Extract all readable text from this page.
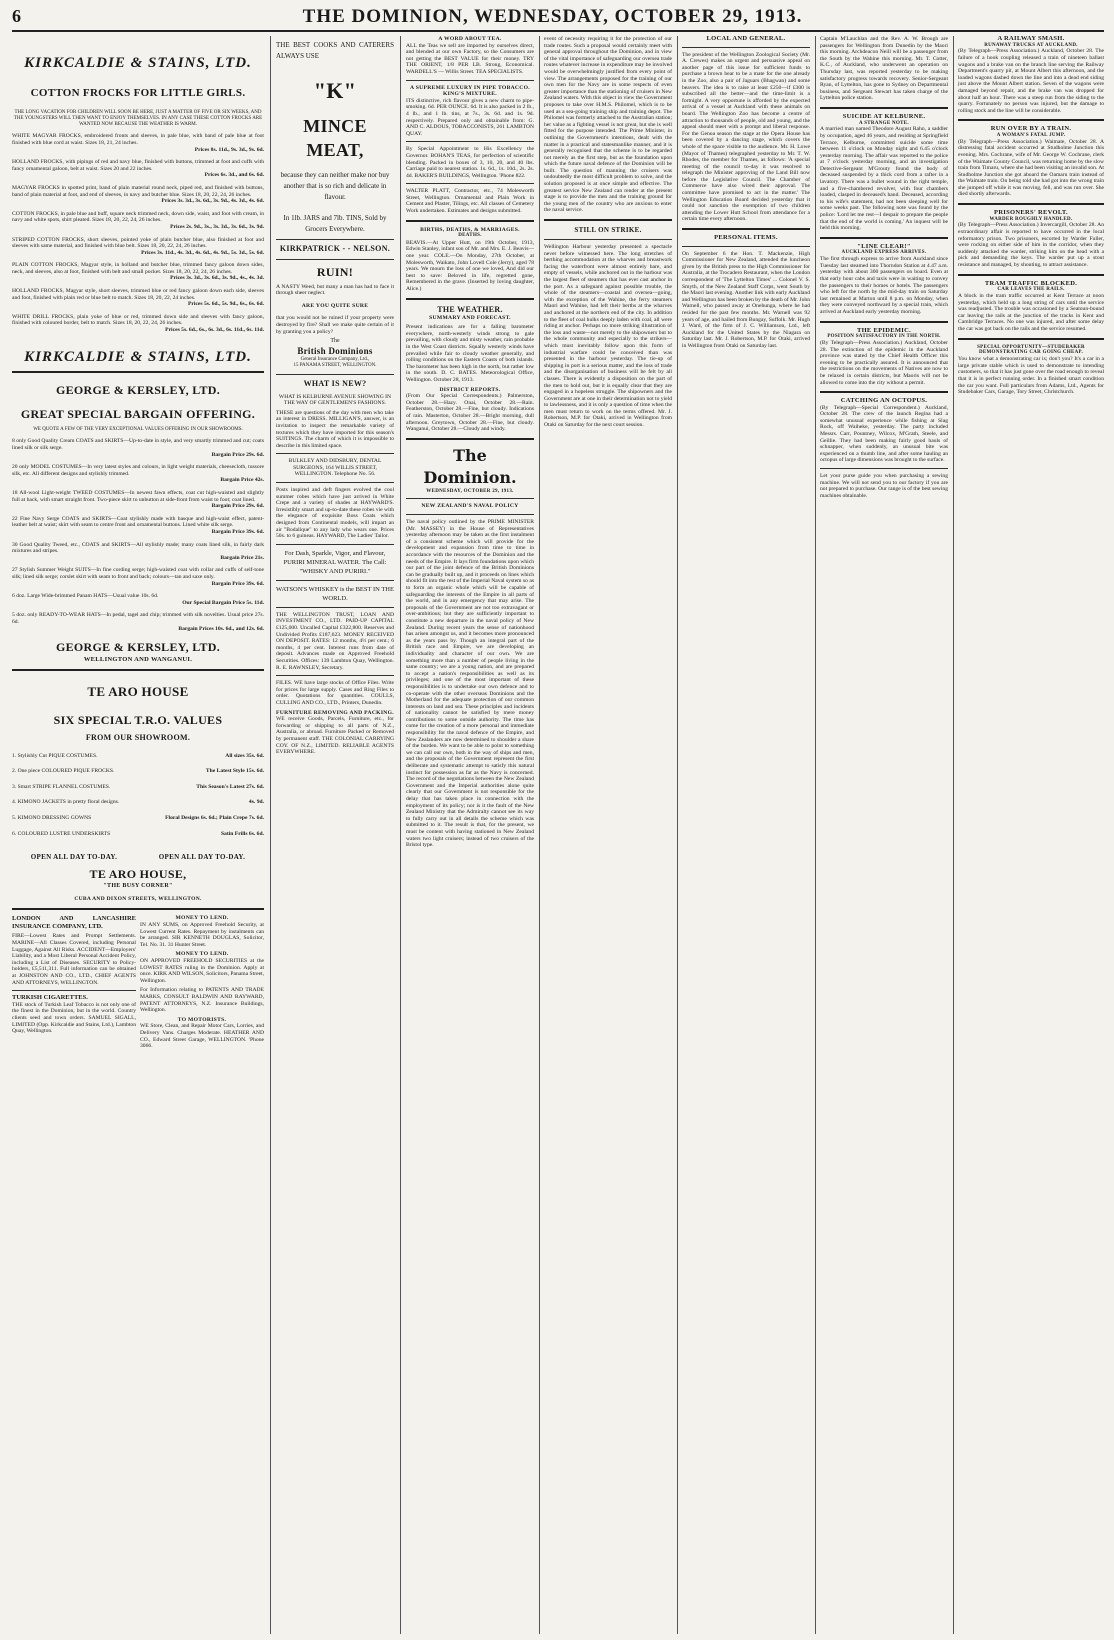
6	THE DOMINION, WEDNESDAY, OCTOBER 29, 1913.
KIRKCALDIE & STAINS, LTD.
COTTON FROCKS FOR LITTLE GIRLS.

THE LONG VACATION FOR CHILDREN WILL SOON BE HERE, JUST A MATTER OF FIVE OR SIX WEEKS, AND THE YOUNGSTERS WILL THEN WANT TO ENJOY THEMSELVES. IN ANY CASE THESE COTTON FROCKS ARE WANTED NOW BECAUSE THE WEATHER IS WARM.

WHITE MAGYAR FROCKS, embroidered fronts and sleeves, in pale blue, with band of pale blue at foot finished with blue cord at waist. Sizes 18, 21, 24 inches.
Prices 8s. 11d., 9s. 3d., 9s. 6d.
HOLLAND FROCKS, with pipings of red and navy blue, finished with buttons, trimmed at foot and cuffs with fancy ornamental galoon, belt at waist. Sizes 20 and 22 inches.
Prices 6s. 3d., and 6s. 6d.
MAGYAR FROCKS in spotted print, band of plain material round neck, piped red, and finished with buttons, band of plain material at foot, and end of sleeves, in navy and butcher blue. Sizes 18, 20, 22, 24, 26 inches.
Prices 3s. 3d., 3s. 6d., 3s. 9d., 4s. 3d., 4s. 6d.
COTTON FROCKS, in pale blue and buff, square neck trimmed neck, down side, waist, and foot with cream, in navy and white spots, shirt pleated. Sizes 18, 20, 22, 24, 26 inches.
Prices 2s. 9d., 3s., 3s. 3d., 3s. 6d., 3s. 9d.
STRIPED COTTON FROCKS, short sleeves, pointed yoke of plain butcher blue, also finished at foot and sleeves with same material, and finished with blue belt. Sizes 18, 20, 22, 24, 26 inches.
Prices 3s. 11d., 4s. 3d., 4s. 6d., 4s. 9d., 5s. 3d., 5s. 6d.
PLAIN COTTON FROCKS, Magyar style, in holland and butcher blue, trimmed fancy galoon down sides, neck, and sleeves, also at foot, finished with belt and small pocket. Sizes 18, 20, 22, 24, 26 inches.
Prices 3s. 3d., 3s. 6d., 3s. 9d., 4s., 4s. 3d.
HOLLAND FROCKS, Magyar style, short sleeves, trimmed blue or red fancy galoon down each side, sleeves and foot, finished with plain red or blue belt to match. Sizes 18, 20, 22, 24 inches.
Prices 5s. 6d., 5s. 9d., 6s., 6s. 6d.
WHITE DRILL FROCKS, plain yoke of blue or red, trimmed down side and sleeves with fancy galoon, finished with coloured border, belt to match. Sizes 18, 20, 22, 24, 26 inches.
Prices 5s. 6d., 6s., 6s. 3d., 6s. 11d., 6s. 11d.
KIRKCALDIE & STAINS, LTD.
GEORGE & KERSLEY, LTD.
GREAT SPECIAL BARGAIN OFFERING.

WE QUOTE A FEW OF THE VERY EXCEPTIONAL VALUES OFFERING IN OUR SHOWROOMS.

8 only Good Quality Cream COATS and SKIRTS—Up-to-date in style, and very smartly trimmed and cut; coats lined silk or silk serge.
Bargain Price 29s. 6d.
20 only MODEL COSTUMES—In very latest styles and colours, in light weight materials, cheesecloth, tussore silk, etc. All different designs and stylishly trimmed.
Bargain Price 42s.
18 All-wool Light-weight TWEED COSTUMES—In newest fawn effects, coat cut high-waisted and slightly full at back, with smart straight front. Two-piece skirt to unbutton at side-front from waist to foot; coat lined.
Bargain Price 29s. 6d.
22 Fine Navy Serge COATS and SKIRTS—Coat stylishly made with basque and high-waist effect, patent-leather belt at waist; skirt with seam to centre front and ornamental buttons. Lined white silk serge.
Bargain Price 39s. 6d.
30 Good Quality Tweed, etc., COATS and SKIRTS—All stylishly made; many coats lined silk, in fairly dark mixtures and stripes.
Bargain Price 21s.
27 Stylish Summer Weight SUITS—In fine cording serge; high-waisted coat with collar and cuffs of self-tone silk; lined silk serge; corslet skirt with seam to front and back; colours—tan and saxe only.
Bargain Price 39s. 6d.
6 doz. Large Wide-brimmed Panam HATS—Usual value 10s. 6d.
Our Special Bargain Price 5s. 11d.
5 doz. only READY-TO-WEAR HATS—In pedal, tagel and chip; trimmed with silk novelties. Usual price 27s. 6d.
Bargain Prices 10s. 6d., and 12s. 6d.
GEORGE & KERSLEY, LTD.
WELLINGTON AND WANGANUI.
TE ARO HOUSE
SIX SPECIAL T.R.O. VALUES
FROM OUR SHOWROOM.
1. Stylishly Cut PIQUE COSTUMES.	All sizes 35s. 6d.
2. One piece COLOURED PIQUE FROCKS.	The Latest Style 15s. 6d.
3. Smart STRIPE FLANNEL COSTUMES.	This Season's Latest 27s. 6d.
4. KIMONO JACKETS in pretty floral designs.	4s. 9d.
5. KIMONO DRESSING GOWNS	Floral Designs 6s. 6d.; Plain Crepe 7s. 6d.
6. COLOURED LUSTRE UNDERSKIRTS	Satin Frills 6s. 6d.
OPEN ALL DAY TO-DAY.	OPEN ALL DAY TO-DAY.
TE ARO HOUSE,
"THE BUSY CORNER"
CUBA AND DIXON STREETS, WELLINGTON.
LONDON AND LANCASHIRE INSURANCE COMPANY, LTD.

FIRE—Lowest Rates and Prompt Settlements. MARINE—All Classes Covered, including Personal Luggage, Against All Risks. ACCIDENT—Employers' Liability, and a Most Liberal Personal Accident Policy, including a List of Diseases. SECURITY to Policy-holders, £5,511,311. Full information can be obtained at JOHNSTON AND CO., LTD., CHIEF AGENTS AND ATTORNEYS, WELLINGTON.

TURKISH CIGARETTES.

THE stock of Turkish Leaf Tobacco is not only one of the finest in the Dominion, but in the world. Country clients seed and town orders. SAMUEL SIGALL, LIMITED (Opp. Kirkcaldie and Stains, Ltd.), Lambton Quay, Wellington.

MONEY TO LEND.

IN ANY SUMS, on Approved Freehold Security, at Lowest Current Rates. Repayment by instalments can be arranged. SIR KENNETH DOUGLAS, Solicitor, Tel. No. 31. 31 Hunter Street.

MONEY TO LEND.

ON APPROVED FREEHOLD SECURITIES at the LOWEST RATES ruling in the Dominion. Apply at once. KIRK AND WILSON, Solicitors, Panama Street, Wellington.

For Information relating to PATENTS AND TRADE MARKS, CONSULT BALDWIN AND RAYWARD, PATENT ATTORNEYS, N.Z. Insurance Buildings, Wellington.

TO MOTORISTS.

WE Store, Clean, and Repair Motor Cars, Lorries, and Delivery Vans. Charges Moderate. HEATHER AND CO., Edward Street Garage, WELLINGTON. 'Phone 3066.

THE BEST COOKS AND CATERERS ALWAYS USE
"K"
MINCE MEAT,
because they can neither make nor buy another that is so rich and delicate in flavour.
In 1lb. JARS and 7lb. TINS, Sold by Grocers Everywhere.
KIRKPATRICK - - NELSON.
RUIN!

A NASTY Weed, but many a man has had to face it through sheer neglect.

ARE YOU QUITE SURE

that you would not be ruined if your property were destroyed by fire? Shall we make quite certain of it by granting you a policy?

The
British Dominions
General Insurance Company, Ltd.,
15 PANAMA STREET, WELLINGTON.
WHAT IS NEW?

WHAT IS KELBURNE AVENUE SHOWING IN THE WAY OF GENTLEMEN'S FASHIONS.

THESE are questions of the day with men who take an interest in DRESS. MILLIGAN'S, answer, is an invitation to inspect the remarkable variety of textures which they have imported for this season's SUITINGS. The charm of which it is impossible to describe in this limited space.

BULKLEY AND DIDSBURY, DENTAL SURGEONS, 164 WILLIS STREET, WELLINGTON. Telephone No. 56.

Posts inspired and deft fingers evolved the cool summer robes which have just arrived in White Crepe and a variety of shades at HAYWARD'S. Irresistibly smart and up-to-date these robes vie with the elegance of exquisite Boss Coats which designed from Continental models, will impart an air "Bodalique" to any lady who wears one. Prices 50s. to 6 guineas. HAYWARD, The Ladies' Tailor.

For Dash, Sparkle, Vigor, and Flavour, PURIRI MINERAL WATER. The Call: "WHISKY AND PURIRI."

WATSON'S WHISKEY is the BEST IN THE WORLD.

THE WELLINGTON TRUST, LOAN AND INVESTMENT CO., LTD. PAID-UP CAPITAL £125,000. Uncalled Capital £322,800. Reserves and Undivided Profits £187,623. MONEY RECEIVED ON DEPOSIT. RATES: 12 months, 4½ per cent.; 6 months, 4 per cent. Interest runs from date of deposit. Advances made on Approved Freehold Securities. Offices: 139 Lambton Quay, Wellington. R. E. RAWNSLEY, Secretary.

FILES. WE have large stocks of Office Files. Write for prices for large supply. Cases and Ring Files to order. Quotations for quantities. COULLS, CULLING AND CO., LTD., Printers, Dunedin.

FURNITURE REMOVING AND PACKING.

WE receive Goods, Parcels, Furniture, etc., for forwarding or shipping to all parts of N.Z., Australia, or abroad. Furniture Packed or Removed by permanent staff. THE COLONIAL CARRYING COY. OF N.Z., LIMITED. RELIABLE AGENTS EVERYWHERE.

A WORD ABOUT TEA.

ALL the Teas we sell are imported by ourselves direct, and blended at our own Factory, so the Consumers are not getting the BEST VALUE for their money. TRY THE ORIENT, 1/8 PER LB. Strong, Economical. WARDELL'S — Willis Street. TEA SPECIALISTS.

A SUPREME LUXURY IN PIPE TOBACCO. KING'S MIXTURE.

ITS distinctive, rich flavour gives a new charm to pipe-smoking. 6d. PER OUNCE. 6d. It is also packed in 2 lb., 4 lb., and 1 lb. tins, at 7s., 3s. 6d. and 1s. 9d. respectively. Prepared only and obtainable from: G. AND C. ALDOUS, TOBACCONISTS, 261 LAMBTON QUAY.

By Special Appointment to His Excellency the Governor. BOHAN'S TEAS, for perfection of scientific blending. Packed in boxes of 3, 10, 20, and 40 lbs. Carriage paid to nearest station. 1s. 6d., 1s. 10d., 2s. 2s. 4d. BAKER'S BUILDINGS, Wellington. 'Phone 822.

WALTER PLATT, Contractor, etc., 74 Molesworth Street, Wellington. Ornamental and Plain Work in Cement and Plaster, Tilings, etc. All classes of Cemetery Work undertaken. Estimates and designs submitted.

BIRTHS, DEATHS, & MARRIAGES.
DEATHS.

BEAVIS.—At Upper Hutt, on 19th October, 1913, Edwin Stanley, infant son of Mr. and Mrs. E. J. Beavis—one year. COLE.—On Monday, 27th October, at Molesworth, Waikato, John Lovell Cole (Jerry), aged 78 years. We mourn the loss of one we loved, And did our best to save: Beloved in life, regretted gone, Remembered in the grave. (Inserted by loving daughter, Alice.)

THE WEATHER.
SUMMARY AND FORECAST.

Present indications are for a falling barometer everywhere, north-westerly winds strong to gale prevailing, with cloudy and misty weather, rain probable in the West Coast districts. Squally westerly winds have prevailed while fair to cloudy weather generally, and rolling conditions on the Eastern Coasts of both islands. The barometer has been high in the north, but rather low in the south. D. C. BATES. Meteorological Office, Wellington. October 28, 1913.

DISTRICT REPORTS.

(From Our Special Correspondents.) Palmerston, October 28.—Hazy. Onai, October 28.—Rain. Featherston, October 28.—Fine, but cloudy. Indications of rain. Masterton, October 28.—Bright morning, dull afternoon. Greytown, October 28.—Fine, but cloudy. Wanganui, October 28.—Cloudy and windy.

The Dominion.
WEDNESDAY, OCTOBER 29, 1913.
NEW ZEALAND'S NAVAL POLICY

The naval policy outlined by the PRIME MINISTER (Mr. MASSEY) in the House of Representatives yesterday afternoon may be taken as the first instalment of a consistent scheme which will provide for the development and expansion from time to time in accordance with the resources of the Dominion and the needs of the Empire. It lays firm foundations upon which our part of the joint defence of the British Dominions can be gradually built up, and it proceeds on lines which should fit into the rest of the Imperial Naval system so as to form an organic whole which will be capable of safeguarding the interests of the Empire in all parts of the world, and in any emergency that may arise. The proposals of the Government are not too extravagant or over-ambitious; but they are sufficiently important to constitute a new departure in the naval policy of New Zealand. During recent years the sense of nationhood has arisen amongst us, and it becomes more pronounced as the years pass by. Though an integral part of the British race and Empire, we are developing an individuality and character of our own. We are something more than a number of people living in the same country; we are a young nation, and are prepared to accept a nation's responsibilities as well as its privileges; and one of the most important of these responsibilities is to undertake our own defence and to co-operate with the other overseas Dominions and the Motherland for the adequate protection of our common interests on land and sea. These principles and incidents of nationality cannot be satisfied by mere money contributions to some outside authority. The time has come for the creation of a more personal and immediate responsibility for the naval defence of the Empire, and New Zealanders are now determined to shoulder a share of the burden. We want to be able to point to something we can call our own, both in the way of ships and men, and the proposals of the Government represent the first deliberate and systematic attempt to satisfy this natural instinct for possession as far as the Navy is concerned. The record of the negotiations between the New Zealand Government and the Imperial authorities alone quite clearly that our Government is not responsible for the delay that has taken place in connection with the employment of its policy; nor is it the fault of the New Zealand Ministry that the Admiralty cannot see its way to fully carry out in all details the scheme which was submitted to it. The result is that, for the present, we must be content with having stationed in New Zealand waters two light cruisers; instead of two cruisers of the Bristol type.

event of necessity requiring it for the protection of our trade routes. Such a proposal would certainly meet with general approval throughout the Dominion, and in view of the vital importance of safeguarding our oversea trade routes whatever increase in expenditure may be involved would be overwhelmingly justified from every point of view. The arrangements proposed for the training of our own men for the Navy are in some respects of even greater importance than the stationing of cruisers in New Zealand waters. With this object in view the Government proposes to take over H.M.S. Philomel, which is to be used as a sea-going training ship and training depot. The Philomel was formerly attached to the Australian station; her value as a fighting vessel is not great, but she is well fitted for the purpose intended. The Prime Minister, in outlining the Government's intentions, dealt with the matter in a practical and statesmanlike manner, and it is generally recognised that the scheme is to be regarded not merely as the first step, but as the foundation upon which the future naval defence of the Dominion will be built. The question of manning the cruisers was undoubtedly the most difficult problem to solve, and the solution proposed is at once simple and effective. The greatest service New Zealand can render at the present stage is to provide the men and the training ground for the young men of the country who are anxious to enter the naval service.

STILL ON STRIKE.

Wellington Harbour yesterday presented a spectacle never before witnessed here. The long stretches of berthing accommodation at the wharves and breastwork facing the waterfront were almost entirely bare, and empty of vessels, while anchored out in the harbour was the largest fleet of steamers that has ever cast anchor in the port. As a safeguard against possible trouble, the whole of the steamers—coastal and oversea—going, with the exception of the Wahine, the ferry steamers Maori and Wahine, had left their berths at the wharves and anchored at the northern end of the city. In addition to the fleet of coal hulks deeply laden with coal, all were riding at anchor. Perhaps no more striking illustration of the loss and waste—not merely to the shipowners but to the whole community and especially to the strikers—which must inevitably follow upon this form of industrial warfare could be conceived than was presented in the harbour yesterday. The tie-up of shipping in port is a serious matter, and the loss of trade and the disorganisation of business will be felt by all classes. There is evidently a disposition on the part of the men to hold out, but it is equally clear that they are engaged in a hopeless struggle. The shipowners and the Government are at one in their determination not to yield to lawlessness, and it is only a question of time when the men must return to work on the terms offered. Mr. J. Robertson, M.P. for Otaki, arrived in Wellington from Otaki on Saturday for the next court session.

LOCAL AND GENERAL.

The president of the Wellington Zoological Society (Mr. A. Crewes) makes an urgent and persuasive appeal on another page of this issue for sufficient funds to purchase a brown bear to be a mate for the one already in the Zoo, also a pair of Jaguars (Bhagwan) and some beavers. The idea is to raise at least £250—if £300 is subscribed all the better—and the time-limit is a fortnight. A very opportune is afforded by the expected arrival of a vessel at Auckland with these animals on board. The Wellington Zoo has become a centre of attraction to thousands of people, old and young, and the appeal should meet with a prompt and liberal response. For the Genoa season the stage at the Opera House has been covered by a dancing stage, which covers the whole of the space visible to the audience. Mr. H. Lowe (Mayor of Thames) telegraphed yesterday to Mr. T. W. Rhodes, the member for Thames, as follows: 'A special meeting of the council to-day it was resolved to telegraph the Minister approving of the Land Bill now before the Legislative Council. The Chamber of Commerce have also wired their approval. The committee have promised to act in the matter.' The Wellington Education Board decided yesterday that it could not sanction the exemption of two children attending the Lower Hutt School from attendance for a certain time every afternoon.

PERSONAL ITEMS.

On September 6 the Hon. T. Mackenzie, High Commissioner for New Zealand, attended the luncheon given by the British press to the High Commissioner for Australia, at the Trocadero Restaurant, when the London correspondent of 'The Lyttelton Times' ... Colonel V. S. Smyth, of the New Zealand Staff Corps, went South by the Maori last evening. Another link with early Auckland and Wellington has been broken by the death of Mr. John Warnell, who passed away at Onehunga, where he had resided for the past few months. Mr. Warnell was 92 years of age, and hailed from Bungay, Suffolk. Mr. Hugh J. Ward, of the firm of J. C. Williamson, Ltd., left Auckland for the United States by the Niagara on Saturday last. Mr. J. Robertson, M.P. for Otaki, arrived in Wellington from Otaki on Saturday last.

Captain M'Lauchlan and the Rev. A. W. Brough are passengers for Wellington from Dunedin by the Maori this morning. Archdeacon Neill will be a passenger from the South by the Wahine this morning. Mr. T. Cotter, K.C., of Auckland, who underwent an operation on Thursday last, was reported yesterday to be making satisfactory progress towards recovery. Senior-Sergeant Ryan, of Lyttelton, has gone to Sydney on Departmental business, and Sergeant Stewart has taken charge of the Lyttelton police station.

SUICIDE AT KELBURNE.
A STRANGE NOTE.

A married man named Theodore August Rahn, a saddler by occupation, aged 46 years, and residing at Springfield Terrace, Kelburne, committed suicide some time between 11 o'clock on Monday night and 6.45 o'clock yesterday morning. The affair was reported to the police at 7 o'clock yesterday morning, and an investigation Detective-Sergeant M'Grouty found the body of deceased suspended by a thick cord from a rafter in a lavatory. There was a bullet wound in the right temple, and a five-chambered revolver, with four chambers loaded, clasped in deceased's hand. Deceased, according to his wife's statement, had not been sleeping well for some weeks past. The following note was found by the police: 'Lord let me rest—I despair to prepare the people that the end of the world is coming.' An inquest will be held this morning.

"LINE CLEAR!"
AUCKLAND EXPRESS ARRIVES.

The first through express to arrive from Auckland since Tuesday last steamed into Thorndon Station at 4.47 a.m. yesterday with about 300 passengers on board. Even at that early hour cabs and taxis were in waiting to convey the passengers to their homes or hotels. The passengers who left for the north by the mid-day train on Saturday last remained at Marton until 8 p.m. on Monday, when they were conveyed northward by a special train, which arrived at Auckland early yesterday morning.

THE EPIDEMIC.
POSITION SATISFACTORY IN THE NORTH.

(By Telegraph—Press Association.) Auckland, October 28. The extinction of the epidemic in the Auckland province was stated by the Chief Health Officer this evening to be practically assured. It is announced that the restrictions on the movements of Natives are now to be relaxed in certain districts, but Maoris will not be allowed to come into the city without a permit.

CATCHING AN OCTOPUS.

(By Telegraph—Special Correspondent.) Auckland, October 28. The crew of the launch Regina had a somewhat unusual experience while fishing at Slag Rock, off Waiheke, yesterday. The party included Messrs. Carr, Pountney, Wilcox, M'Grath, Steele, and Geillie. They had been making fairly good hauls of schnapper, when suddenly, an unusual bite was experienced on a thumb line, and after some hauling an octopus of large dimensions was brought to the surface.

Let your purse guide you when purchasing a sewing machine. We will not send you to our factory if you are not prepared to purchase. Our range is of the best sewing machines obtainable.

A RAILWAY SMASH.
RUNAWAY TRUCKS AT AUCKLAND.

(By Telegraph—Press Association.) Auckland, October 28. The failure of a hook coupling released a train of nineteen ballast wagons and a brake van on the branch line serving the Railway Department's quarry pit, at Mount Albert this afternoon, and the loaded wagons dashed down the line and into a dead end siding just above the Mount Albert station. Seven of the wagons were damaged beyond repair, and the brake van was dropped for about half an hour. There was a steep run from the siding to the quarry. Fortunately no person was injured, but the damage to rolling stock and the line will be considerable.

RUN OVER BY A TRAIN.
A WOMAN'S FATAL JUMP.

(By Telegraph—Press Association.) Waimate, October 28. A distressing fatal accident occurred at Studholme Junction this evening. Mrs. Cochrane, wife of Mr. George W. Cochrane, clerk of the Waimate County Council, was returning home by the slow train from Timaru, where she had been visiting an invalid son. At Studholme Junction she got aboard the Oamaru train instead of the Waimate train. On being told she had got into the wrong train she jumped off while it was moving, fell, and was run over. She died shortly afterwards.

PRISONERS' REVOLT.
WARDER ROUGHLY HANDLED.

(By Telegraph—Press Association.) Invercargill, October 28. An extraordinary affair is reported to have occurred in the local reformatory prison. Two prisoners, escorted by Warder Fuller, were rocking on either side of him in the corridor, when they suddenly attacked the warder, striking him on the head with a pick and demanding the keys. The warder put up a stout resistance and managed, by shouting, to attract assistance.

TRAM TRAFFIC BLOCKED.
CAR LEAVES THE RAILS.

A block in the tram traffic occurred at Kent Terrace at noon yesterday, which held up a long string of cars until the service was readjusted. The trouble was occasioned by a Seatoun-bound car leaving the rails at the junction of the tracks in Kent and Cambridge Terraces. No one was injured, and after some delay the car was got back on the rails and the service resumed.

SPECIAL OPPORTUNITY—STUDEBAKER DEMONSTRATING CAR GOING CHEAP.

You know what a demonstrating car is; don't you? It's a car in a large private stable which is used to demonstrate to intending customers, so that it has just gone over the road enough to reveal that it is in perfect running order. In a finished smart condition the car you want. Full particulars from Adams, Ltd., Agents for Studebaker Cars, Garage, Tory Street, Christchurch.
